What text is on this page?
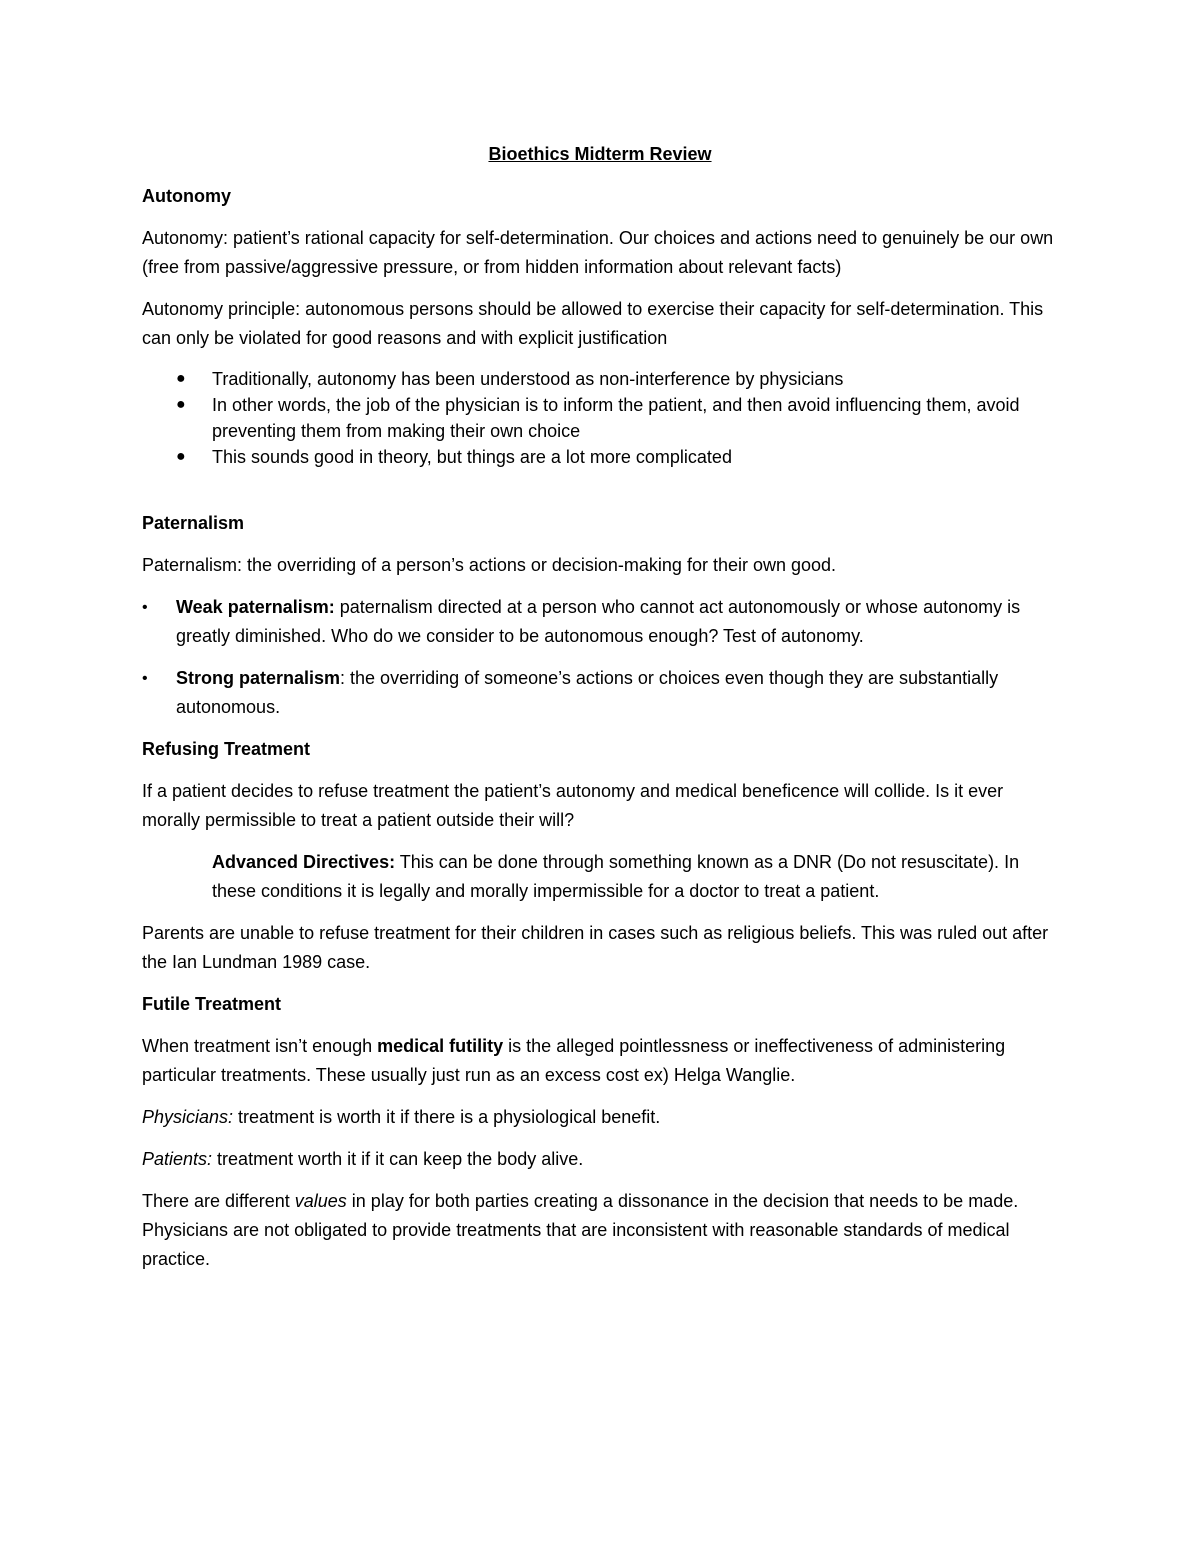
Bioethics Midterm Review
Autonomy

Autonomy: patient’s rational capacity for self-determination. Our choices and actions need to genuinely be our own (free from passive/aggressive pressure, or from hidden information about relevant facts)

Autonomy principle: autonomous persons should be allowed to exercise their capacity for self-determination. This can only be violated for good reasons and with explicit justification

● Traditionally, autonomy has been understood as non-interference by physicians
● In other words, the job of the physician is to inform the patient, and then avoid influencing them, avoid preventing them from making their own choice
● This sounds good in theory, but things are a lot more complicated
Paternalism

Paternalism: the overriding of a person’s actions or decision-making for their own good.

• Weak paternalism: paternalism directed at a person who cannot act autonomously or whose autonomy is greatly diminished. Who do we consider to be autonomous enough? Test of autonomy.
• Strong paternalism: the overriding of someone’s actions or choices even though they are substantially autonomous.
Refusing Treatment

If a patient decides to refuse treatment the patient’s autonomy and medical beneficence will collide. Is it ever morally permissible to treat a patient outside their will?

Advanced Directives: This can be done through something known as a DNR (Do not resuscitate). In these conditions it is legally and morally impermissible for a doctor to treat a patient.

Parents are unable to refuse treatment for their children in cases such as religious beliefs. This was ruled out after the Ian Lundman 1989 case.

Futile Treatment

When treatment isn’t enough medical futility is the alleged pointlessness or ineffectiveness of administering particular treatments. These usually just run as an excess cost ex) Helga Wanglie.

Physicians: treatment is worth it if there is a physiological benefit.

Patients: treatment worth it if it can keep the body alive.

There are different values in play for both parties creating a dissonance in the decision that needs to be made. Physicians are not obligated to provide treatments that are inconsistent with reasonable standards of medical practice.
